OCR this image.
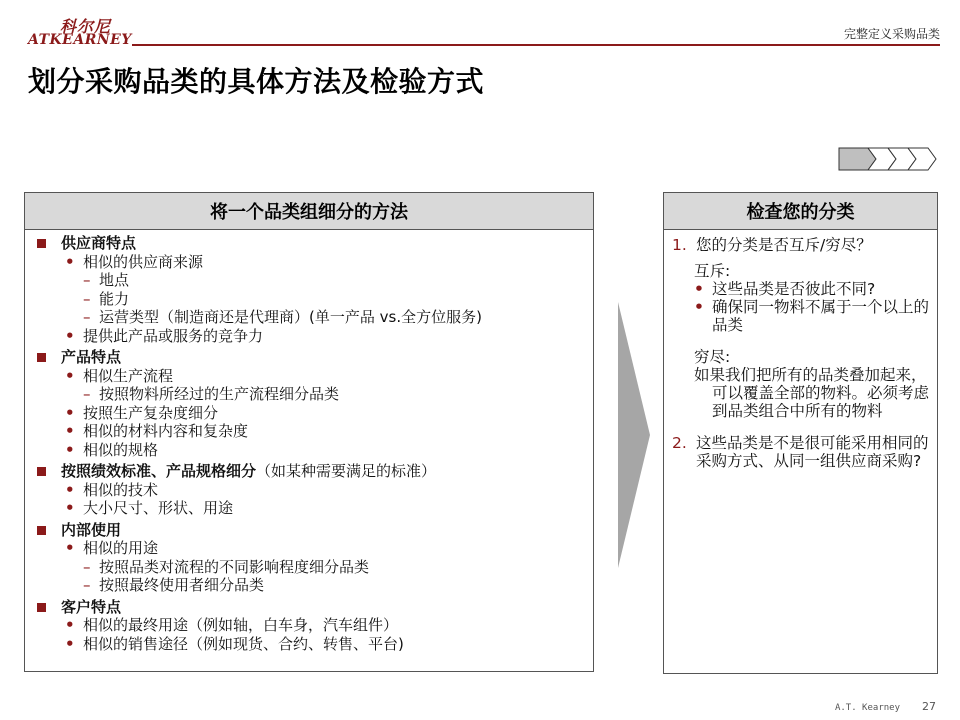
科尔尼
ATKEARNEY	完整定义采购品类
划分采购品类的具体方法及检验方式
将一个品类组细分的方法
供应商特点
• 相似的供应商来源
– 地点
– 能力
– 运营类型（制造商还是代理商）(单一产品 vs.全方位服务)
• 提供此产品或服务的竞争力
产品特点
• 相似生产流程
– 按照物料所经过的生产流程细分品类
• 按照生产复杂度细分
• 相似的材料内容和复杂度
• 相似的规格
按照绩效标准、产品规格细分（如某种需要满足的标准）
• 相似的技术
• 大小尺寸、形状、用途
内部使用
• 相似的用途
– 按照品类对流程的不同影响程度细分品类
– 按照最终使用者细分品类
客户特点
• 相似的最终用途（例如轴，白车身，汽车组件）
• 相似的销售途径（例如现货、合约、转售、平台)
检查您的分类
1. 您的分类是否互斥/穷尽？
互斥:
• 这些品类是否彼此不同?
• 确保同一物料不属于一个以上的品类
穷尽:
如果我们把所有的品类叠加起来，可以覆盖全部的物料。必须考虑到品类组合中所有的物料
2. 这些品类是不是很可能采用相同的采购方式、从同一组供应商采购?
A.T. Kearney 27
